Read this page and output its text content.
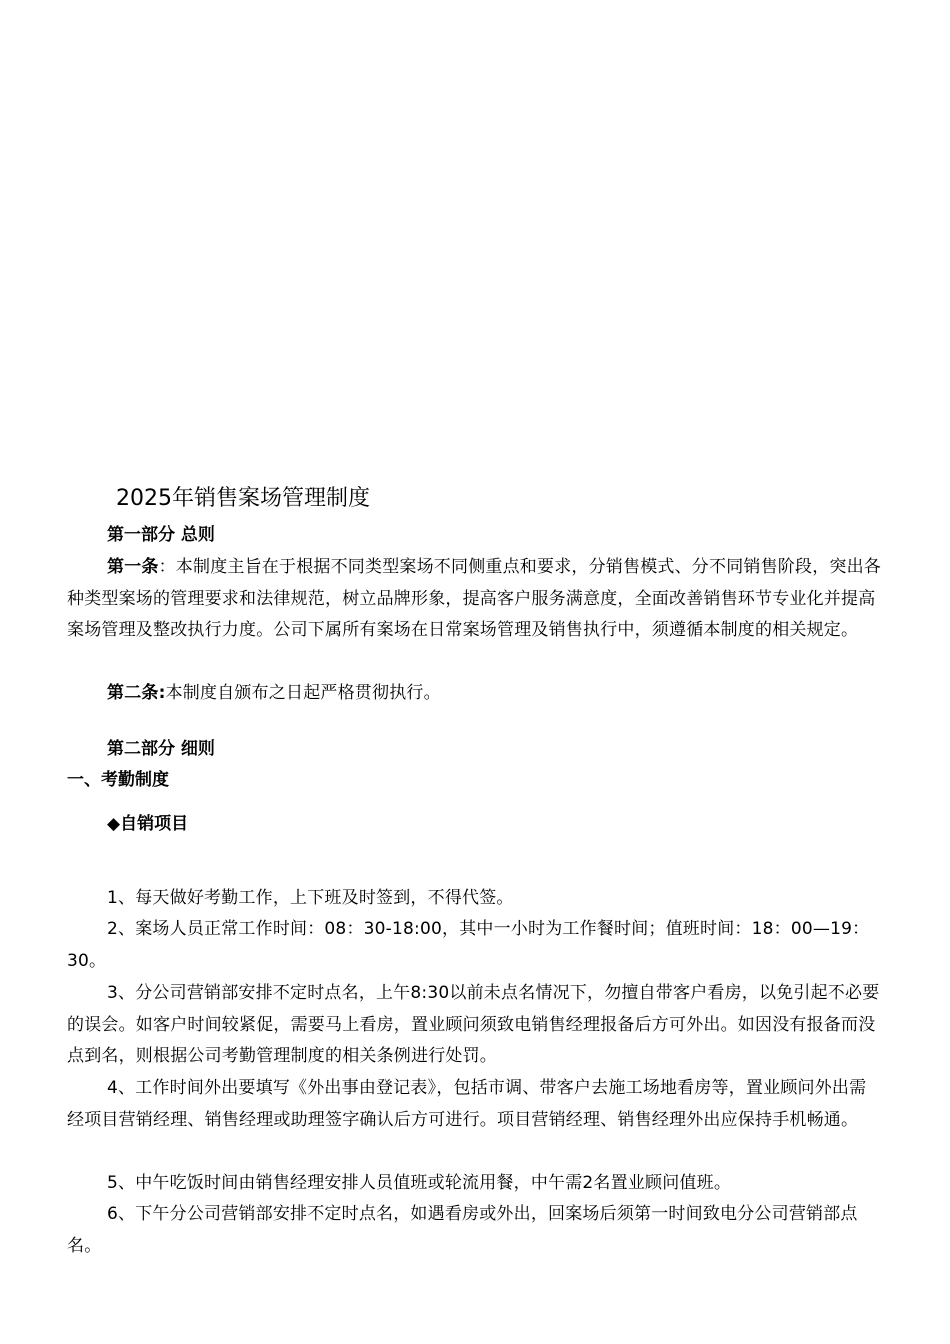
2025年销售案场管理制度
第一部分 总则
第一条：本制度主旨在于根据不同类型案场不同侧重点和要求，分销售模式、分不同销售阶段，突出各种类型案场的管理要求和法律规范，树立品牌形象，提高客户服务满意度，全面改善销售环节专业化并提高案场管理及整改执行力度。公司下属所有案场在日常案场管理及销售执行中，须遵循本制度的相关规定。
第二条:本制度自颁布之日起严格贯彻执行。
第二部分 细则
一、考勤制度
◆自销项目
1、每天做好考勤工作，上下班及时签到，不得代签。
2、案场人员正常工作时间：08：30-18:00，其中一小时为工作餐时间；值班时间：18：00—19：30。
3、分公司营销部安排不定时点名，上午8:30以前未点名情况下，勿擅自带客户看房，以免引起不必要的误会。如客户时间较紧促，需要马上看房，置业顾问须致电销售经理报备后方可外出。如因没有报备而没点到名，则根据公司考勤管理制度的相关条例进行处罚。
4、工作时间外出要填写《外出事由登记表》，包括市调、带客户去施工场地看房等，置业顾问外出需经项目营销经理、销售经理或助理签字确认后方可进行。项目营销经理、销售经理外出应保持手机畅通。
5、中午吃饭时间由销售经理安排人员值班或轮流用餐，中午需2名置业顾问值班。
6、下午分公司营销部安排不定时点名，如遇看房或外出，回案场后须第一时间致电分公司营销部点名。
